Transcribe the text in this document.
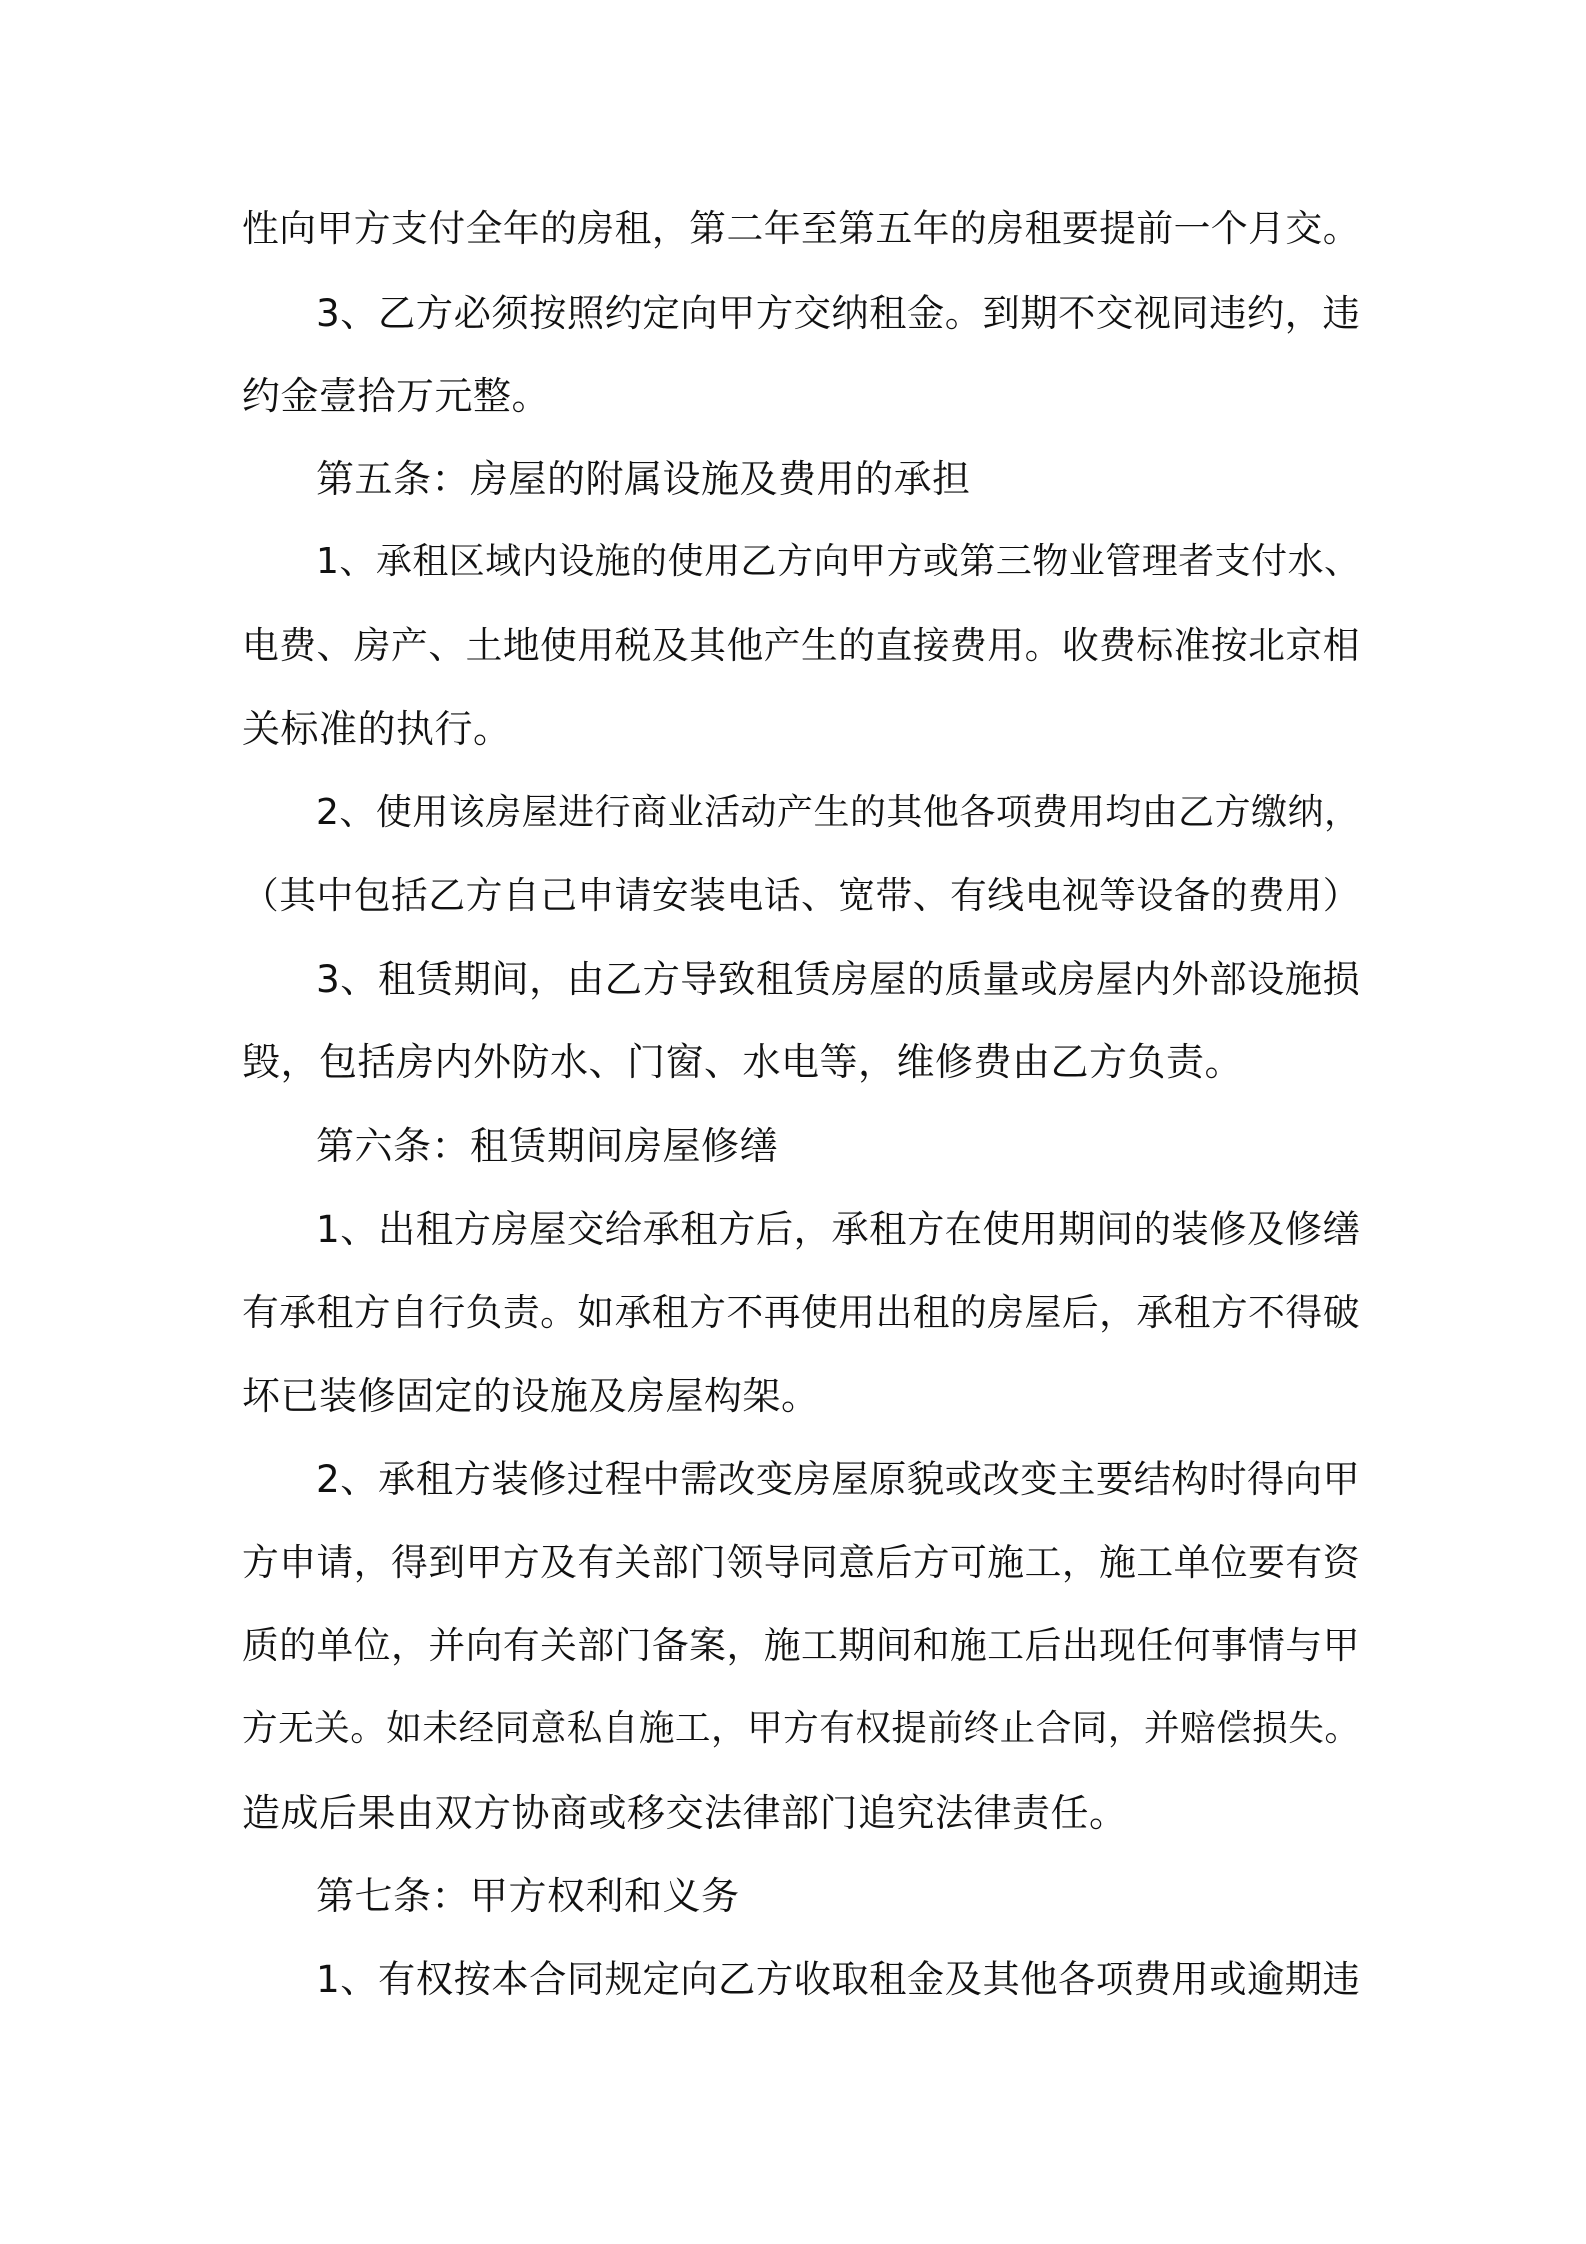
性向甲方支付全年的房租，第二年至第五年的房租要提前一个月交。
3、乙方必须按照约定向甲方交纳租金。到期不交视同违约，违
约金壹拾万元整。
第五条：房屋的附属设施及费用的承担
1、承租区域内设施的使用乙方向甲方或第三物业管理者支付水、
电费、房产、土地使用税及其他产生的直接费用。收费标准按北京相
关标准的执行。
2、使用该房屋进行商业活动产生的其他各项费用均由乙方缴纳，
（其中包括乙方自己申请安装电话、宽带、有线电视等设备的费用）
3、租赁期间，由乙方导致租赁房屋的质量或房屋内外部设施损
毁，包括房内外防水、门窗、水电等，维修费由乙方负责。
第六条：租赁期间房屋修缮
1、出租方房屋交给承租方后，承租方在使用期间的装修及修缮
有承租方自行负责。如承租方不再使用出租的房屋后，承租方不得破
坏已装修固定的设施及房屋构架。
2、承租方装修过程中需改变房屋原貌或改变主要结构时得向甲
方申请，得到甲方及有关部门领导同意后方可施工，施工单位要有资
质的单位，并向有关部门备案，施工期间和施工后出现任何事情与甲
方无关。如未经同意私自施工，甲方有权提前终止合同，并赔偿损失。
造成后果由双方协商或移交法律部门追究法律责任。
第七条：甲方权利和义务
1、有权按本合同规定向乙方收取租金及其他各项费用或逾期违
